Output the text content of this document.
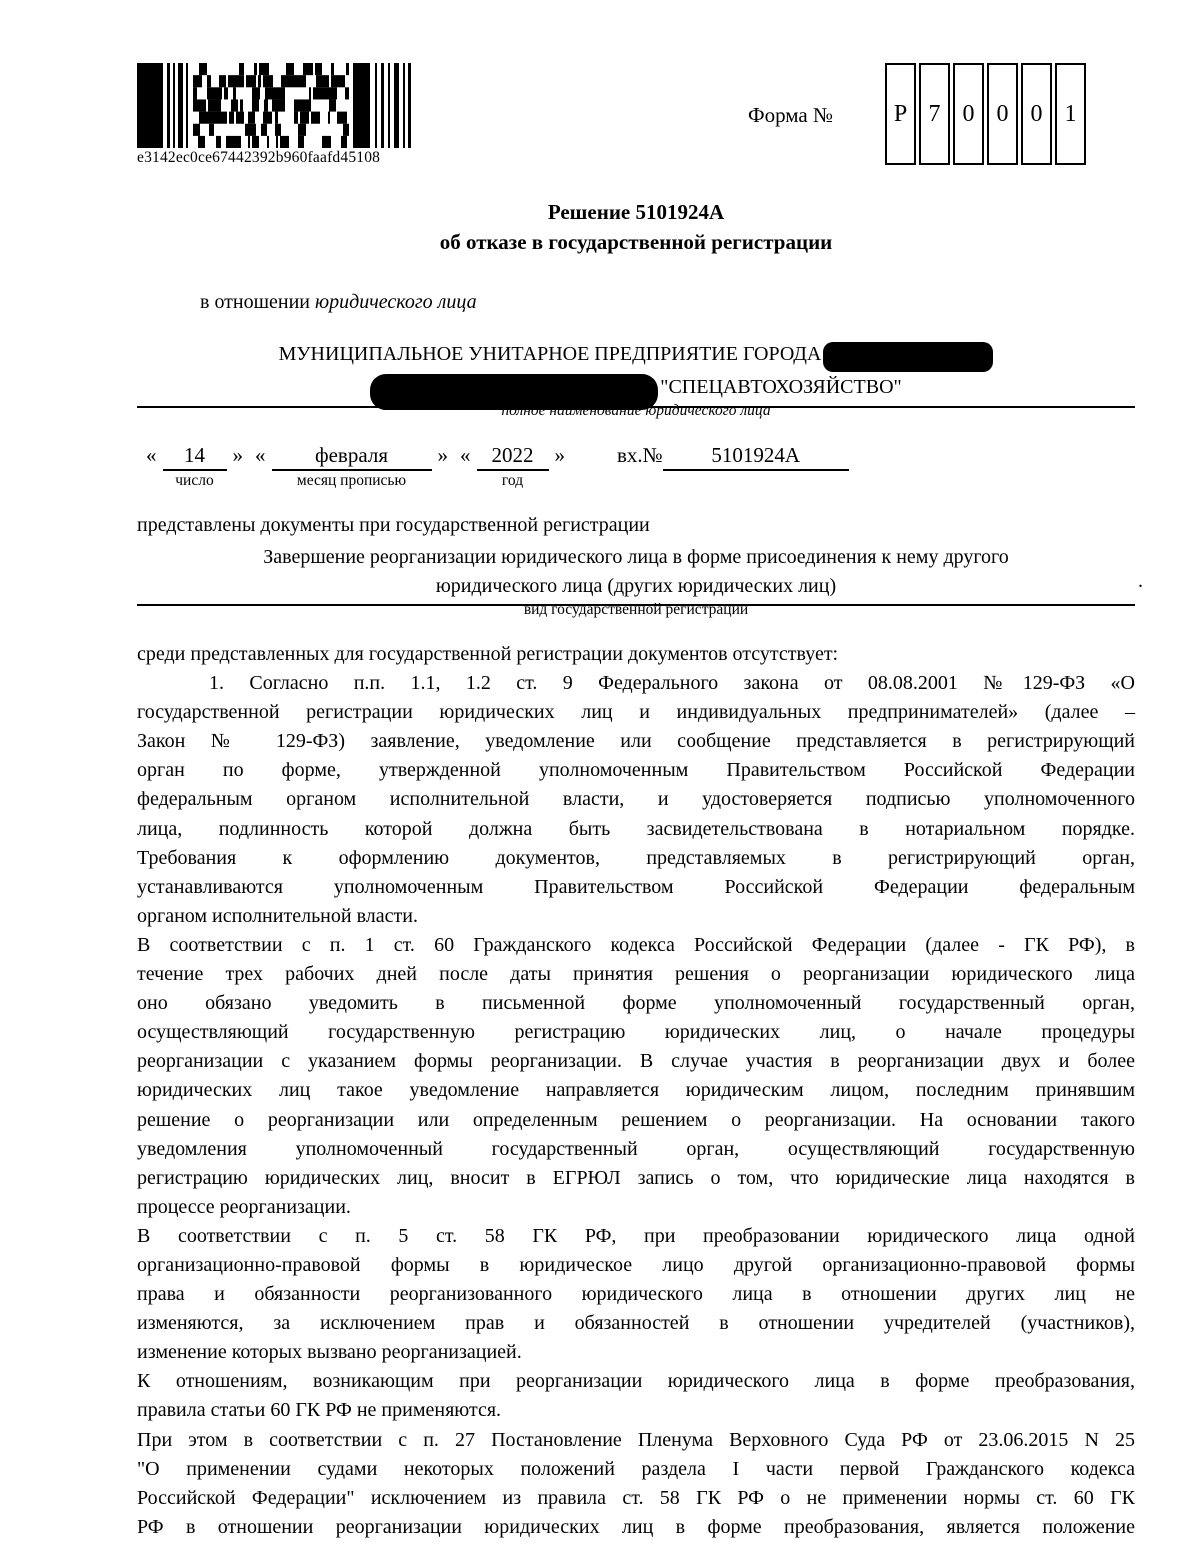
e3142ec0ce67442392b960faafd45108
Форма №	Р 7 0 0 0 1
Решение 5101924А
об отказе в государственной регистрации
в отношении юридического лица
МУНИЦИПАЛЬНОЕ УНИТАРНОЕ ПРЕДПРИЯТИЕ ГОРОДА
"СПЕЦАВТОХОЗЯЙСТВО"
полное наименование юридического лица
«	14
число
» «	февраля
месяц прописью
» «	2022
год
» вх.№	5101924А
представлены документы при государственной регистрации
Завершение реорганизации юридического лица в форме присоединения к нему другого
юридического лица (других юридических лиц)	.
вид государственной регистрации
среди представленных для государственной регистрации документов отсутствует:
1. Согласно п.п. 1.1, 1.2 ст. 9 Федерального закона от 08.08.2001 №129-ФЗ «О
государственной регистрации юридических лиц и индивидуальных предпринимателей» (далее –
Закон № 129-ФЗ) заявление, уведомление или сообщение представляется в регистрирующий
орган по форме, утвержденной уполномоченным Правительством Российской Федерации
федеральным органом исполнительной власти, и удостоверяется подписью уполномоченного
лица, подлинность которой должна быть засвидетельствована в нотариальном порядке.
Требования к оформлению документов, представляемых в регистрирующий орган,
устанавливаются уполномоченным Правительством Российской Федерации федеральным
органом исполнительной власти.
В соответствии с п. 1 ст. 60 Гражданского кодекса Российской Федерации (далее - ГК РФ), в
течение трех рабочих дней после даты принятия решения о реорганизации юридического лица
оно обязано уведомить в письменной форме уполномоченный государственный орган,
осуществляющий государственную регистрацию юридических лиц, о начале процедуры
реорганизации с указанием формы реорганизации. В случае участия в реорганизации двух и более
юридических лиц такое уведомление направляется юридическим лицом, последним принявшим
решение о реорганизации или определенным решением о реорганизации. На основании такого
уведомления уполномоченный государственный орган, осуществляющий государственную
регистрацию юридических лиц, вносит в ЕГРЮЛ запись о том, что юридические лица находятся в
процессе реорганизации.
В соответствии с п. 5 ст. 58 ГК РФ, при преобразовании юридического лица одной
организационно-правовой формы в юридическое лицо другой организационно-правовой формы
права и обязанности реорганизованного юридического лица в отношении других лиц не
изменяются, за исключением прав и обязанностей в отношении учредителей (участников),
изменение которых вызвано реорганизацией.
К отношениям, возникающим при реорганизации юридического лица в форме преобразования,
правила статьи 60 ГК РФ не применяются.
При этом в соответствии с п. 27 Постановление Пленума Верховного Суда РФ от 23.06.2015 N 25
"О применении судами некоторых положений раздела I части первой Гражданского кодекса
Российской Федерации" исключением из правила ст. 58 ГК РФ о не применении нормы ст. 60 ГК
РФ в отношении реорганизации юридических лиц в форме преобразования, является положение
